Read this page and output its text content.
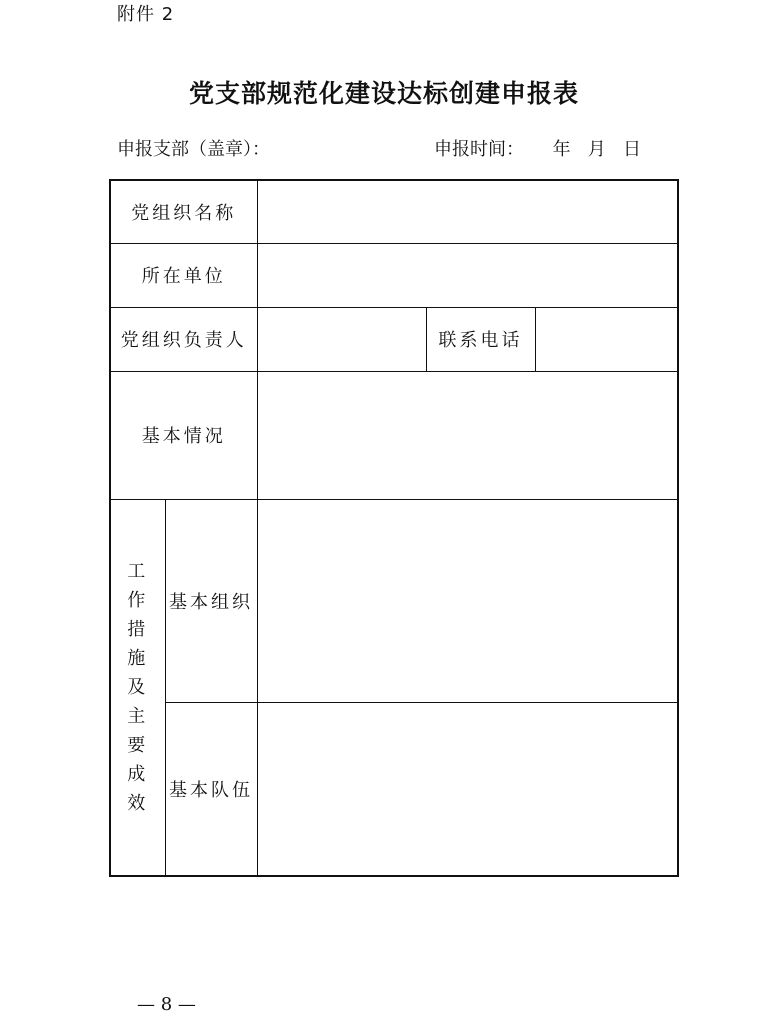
附件 2
党支部规范化建设达标创建申报表
申报支部（盖章）：	申报时间： 年 月 日
党组织名称				
所在单位				
党组织负责人			联系电话	
基本情况				

工作
措施
及
主要
成效	基本组织			
	基本队伍			
— 8 —
